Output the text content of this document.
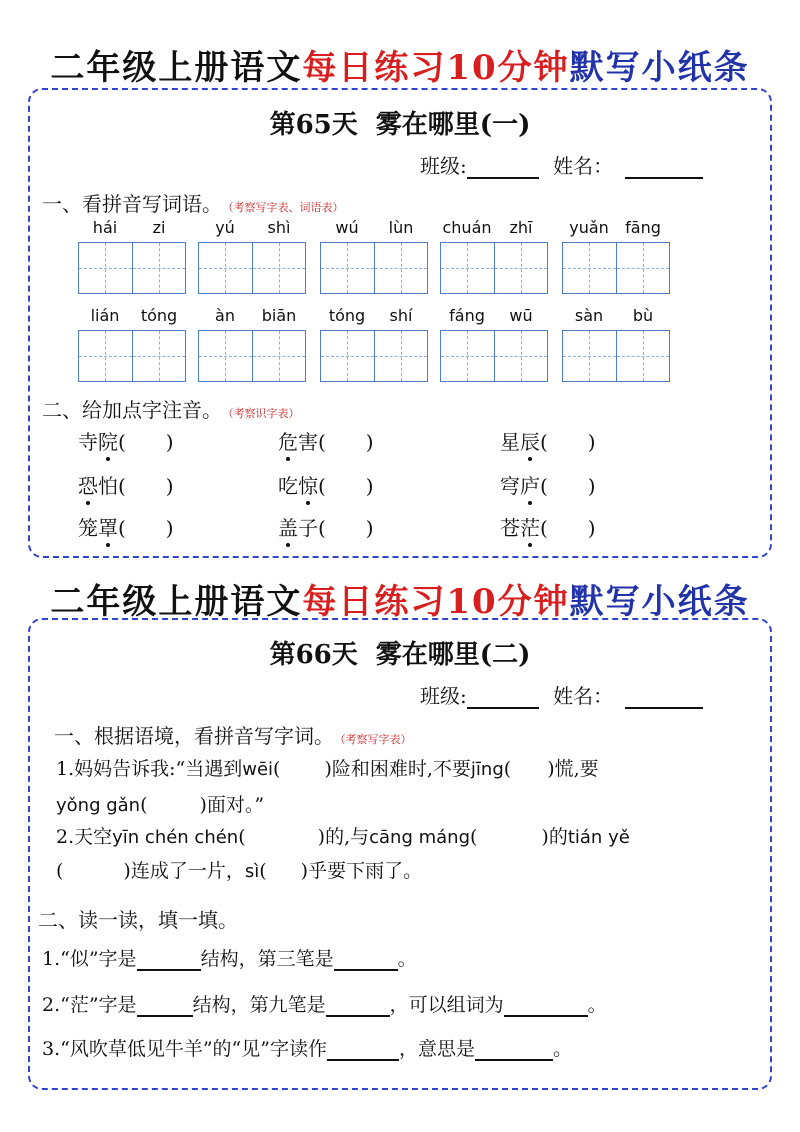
二年级上册语文每日练习10分钟默写小纸条
第65天 雾在哪里(一)
班级:	姓名：
一、看拼音写词语。 （考察写字表、词语表）
hái	zi	yú	shì	wú	lùn	chuán	zhī	yuǎn	fāng
lián	tóng	àn	biān	tóng	shí	fáng	wū	sàn	bù
二、给加点字注音。 （考察识字表）
寺院(　　)	危害(　　)	星辰(　　)
恐怕(　　)	吃惊(　　)	穹庐(　　)
笼罩(　　)	盖子(　　)	苍茫(　　)
二年级上册语文每日练习10分钟默写小纸条
第66天 雾在哪里(二)
班级:	姓名：
一、根据语境，看拼音写字词。 （考察写字表）
1.妈妈告诉我:“当遇到wēi( )险和困难时,不要jīng( )慌,要
yǒng gǎn(	)面对。”
2.天空yīn chén chén(	)的,与cāng máng(	)的tián yě
(	)连成了一片，sì( )乎要下雨了。
二、读一读，填一填。
1.“似”字是	结构，第三笔是	。
2.“茫”字是	结构，第九笔是	，可以组词为	。
3.“风吹草低见牛羊”的“见”字读作	，意思是	。
